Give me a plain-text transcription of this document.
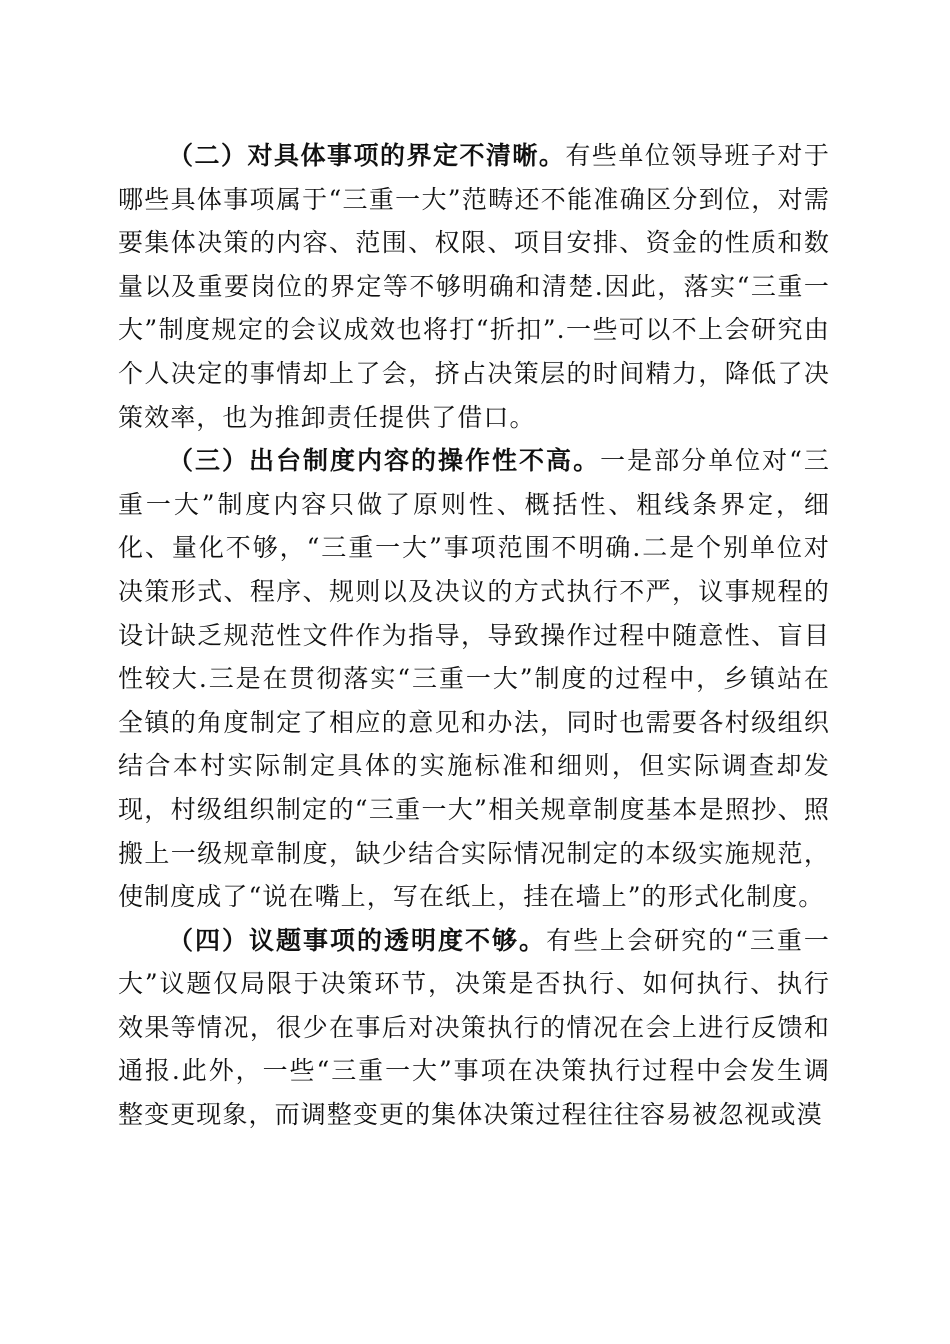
（二）对具体事项的界定不清晰。有些单位领导班子对于哪些具体事项属于“三重一大”范畴还不能准确区分到位，对需要集体决策的内容、范围、权限、项目安排、资金的性质和数量以及重要岗位的界定等不够明确和清楚.因此，落实“三重一大”制度规定的会议成效也将打“折扣”.一些可以不上会研究由个人决定的事情却上了会，挤占决策层的时间精力，降低了决策效率，也为推卸责任提供了借口。

（三）出台制度内容的操作性不高。一是部分单位对“三重一大”制度内容只做了原则性、概括性、粗线条界定，细化、量化不够，“三重一大”事项范围不明确.二是个别单位对决策形式、程序、规则以及决议的方式执行不严，议事规程的设计缺乏规范性文件作为指导，导致操作过程中随意性、盲目性较大.三是在贯彻落实“三重一大”制度的过程中，乡镇站在全镇的角度制定了相应的意见和办法，同时也需要各村级组织结合本村实际制定具体的实施标准和细则，但实际调查却发现，村级组织制定的“三重一大”相关规章制度基本是照抄、照搬上一级规章制度，缺少结合实际情况制定的本级实施规范，使制度成了“说在嘴上，写在纸上，挂在墙上”的形式化制度。

（四）议题事项的透明度不够。有些上会研究的“三重一大”议题仅局限于决策环节，决策是否执行、如何执行、执行效果等情况，很少在事后对决策执行的情况在会上进行反馈和通报.此外，一些“三重一大”事项在决策执行过程中会发生调整变更现象，而调整变更的集体决策过程往往容易被忽视或漠
